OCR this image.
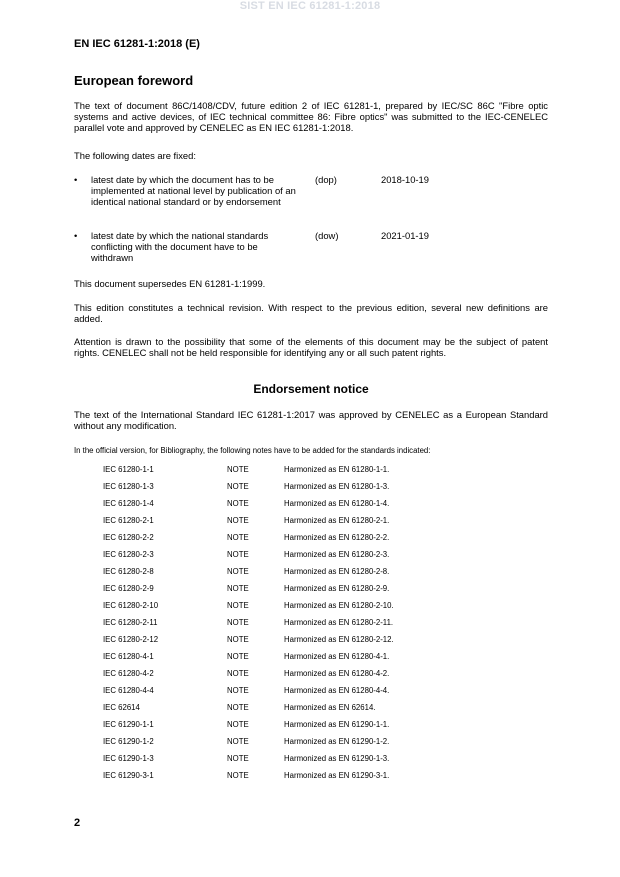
SIST EN IEC 61281-1:2018
EN IEC 61281-1:2018 (E)
European foreword
The text of document 86C/1408/CDV, future edition 2 of IEC 61281-1, prepared by IEC/SC 86C "Fibre optic systems and active devices, of IEC technical committee 86: Fibre optics" was submitted to the IEC-CENELEC parallel vote and approved by CENELEC as EN IEC 61281-1:2018.
The following dates are fixed:
• latest date by which the document has to be implemented at national level by publication of an identical national standard or by endorsement
(dop)	2018-10-19
• latest date by which the national standards conflicting with the document have to be withdrawn
(dow)	2021-01-19
This document supersedes EN 61281-1:1999.
This edition constitutes a technical revision. With respect to the previous edition, several new definitions are added.
Attention is drawn to the possibility that some of the elements of this document may be the subject of patent rights. CENELEC shall not be held responsible for identifying any or all such patent rights.
Endorsement notice
The text of the International Standard IEC 61281-1:2017 was approved by CENELEC as a European Standard without any modification.
In the official version, for Bibliography, the following notes have to be added for the standards indicated:
IEC 61280-1-1	NOTE	Harmonized as EN 61280-1-1.
IEC 61280-1-3	NOTE	Harmonized as EN 61280-1-3.
IEC 61280-1-4	NOTE	Harmonized as EN 61280-1-4.
IEC 61280-2-1	NOTE	Harmonized as EN 61280-2-1.
IEC 61280-2-2	NOTE	Harmonized as EN 61280-2-2.
IEC 61280-2-3	NOTE	Harmonized as EN 61280-2-3.
IEC 61280-2-8	NOTE	Harmonized as EN 61280-2-8.
IEC 61280-2-9	NOTE	Harmonized as EN 61280-2-9.
IEC 61280-2-10	NOTE	Harmonized as EN 61280-2-10.
IEC 61280-2-11	NOTE	Harmonized as EN 61280-2-11.
IEC 61280-2-12	NOTE	Harmonized as EN 61280-2-12.
IEC 61280-4-1	NOTE	Harmonized as EN 61280-4-1.
IEC 61280-4-2	NOTE	Harmonized as EN 61280-4-2.
IEC 61280-4-4	NOTE	Harmonized as EN 61280-4-4.
IEC 62614	NOTE	Harmonized as EN 62614.
IEC 61290-1-1	NOTE	Harmonized as EN 61290-1-1.
IEC 61290-1-2	NOTE	Harmonized as EN 61290-1-2.
IEC 61290-1-3	NOTE	Harmonized as EN 61290-1-3.
IEC 61290-3-1	NOTE	Harmonized as EN 61290-3-1.
2
